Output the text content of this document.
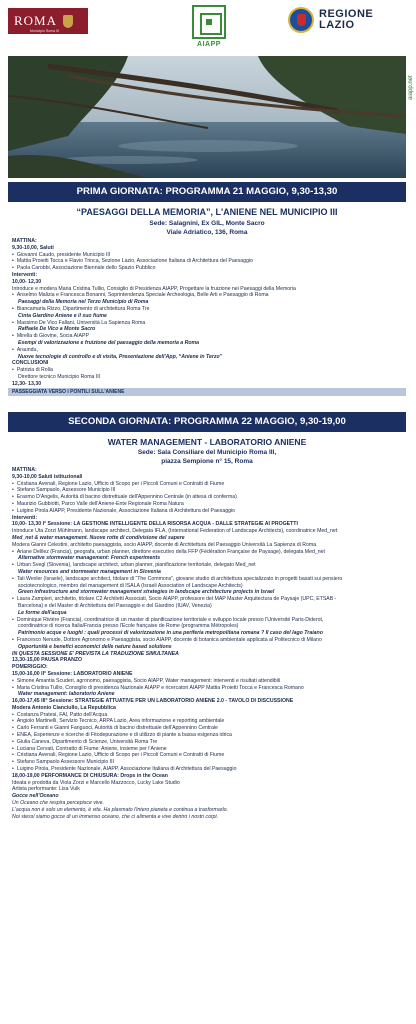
ROMA
Municipio Roma III
AIAPP
REGIONE
LAZIO
aiapp.net
PRIMA GIORNATA: PROGRAMMA 21 MAGGIO, 9,30-13,30
“PAESAGGI DELLA MEMORIA”, L'ANIENE NEL MUNICIPIO III
Sede: Salagnini, Ex GIL, Monte Sacro
Viale Adriatico, 136, Roma
MATTINA:
9,30-10,00, Saluti
• Giovanni Caudo, presidente Municipio III
• Mattia Proietti Tocca e Flavio Trinca, Sezione Lazio, Associazione Italiana di Architettura del Paesaggio
• Paola Carobbi, Associazione Biennale dello Spazio Pubblico
Interventi:
10,00- 12,30
Introduce e modera Maria Cristina Tullio, Consiglio di Presidenza AIAPP, Progettare la fruizione nei Paesaggi della Memoria
• Anselmo Malizia e Francesca Bonanni, Soprintendenza Speciale Archeologia, Belle Arti e Paesaggio di Roma
Paesaggi della Memoria nel Terzo Municipio di Roma
• Biancamaria Rizzo, Dipartimento di architettura Roma Tre
Cinta Giardino Aniene e il suo fiume
• Massimo De Vico Fallani, Università La Sapienza Roma
Raffaele De Vico a Monte Sacro
• Mirella di Giovine, Socia AIAPP
Esempi di valorizzazione e fruizione del paesaggio della memoria a Roma
• Araundu,
Nuove tecnologie di controllo e di visita, Presentazione dell'App, “Aniene in Terzo”
CONCLUSIONI
• Patrizia di Rolla
Direttore tecnico Municipio Roma III
12,30- 13,30
PASSEGGIATA VERSO I PONTILI SULL'ANIENE
SECONDA GIORNATA: PROGRAMMA 22 MAGGIO, 9,30-19,00
WATER MANAGEMENT - LABORATORIO ANIENE
Sede: Sala Consiliare del Municipio Roma III,
piazza Sempione n° 15, Roma
MATTINA:
9,30-10,00 Saluti istituzionali
• Cristiana Avenali, Regione Lazio, Ufficio di Scopo per i Piccoli Comuni e Contratti di Fiume
• Stefano Sampaolo, Assessore Municipio III
• Erasmo D'Angelis, Autorità di bacino distrettuale dell'Appennino Centrale (in attesa di conferma)
• Maurizio Gubbiotti, Parco Valle dell'Aniene-Ente Regionale Roma Natura
• Luigino Pirola AIAPP, Presidente Nazionale, Associazione Italiana di Architettura del Paesaggio
Interventi:
10,00- 13,30 I° Sessione: LA GESTIONE INTELLIGENTE DELLA RISORSA ACQUA - DALLE STRATEGIE AI PROGETTI
Introduce Uta Zorzi Mühlmann, landscape architect, Delegata IFLA, (International Federation of Landscape Architects), coordinatrice Med_net
Med_net & water management. Nuove rotte di condivisione del sapere
Modera Gianni Celestini, architetto paesaggista, socio AIAPP, docente di Architettura del Paesaggio Università La Sapienza di Roma
• Ariane Delilez (Francia), geografa, urban planner, direttore esecutivo della FFP (Fédération Française de Paysage), delegata Med_net
Alternative stormwater management: French experiments
• Urban Švegl (Slovenia), landscape architect, urban planner, pianificazione territoriale, delegato Med_net
Water resources and stormwater management in Slovenia
• Tali Wexler (Israele), landscape architect, titolare di “The Commons”, giovane studio di architettura specializzato in progetti basati sui pensiero
sociotecnologico, membro del management di ISALA (Israeli Association of Landscape Architects)
Green infrastructure and stormwater management strategies in landscape architecture projects in Israel
• Laura Zampieri, architetto, titolare C2 Architetti Associati, Socio AIAPP, professore del MAP Master Arquitectura de Paysaje (UPC, ETSAB -
Barcelona) e del Master di Architettura del Paesaggio e del Giardino (IUAV, Venezia)
Le forme dell'acqua
• Dominique Rivière (Francia), coordinatrice di un master di pianificazione territoriale e sviluppo locale presso l'Université Paris-Diderot,
coordinatrice di ricerca Italia/Francia presso l'Ecole française de Rome (programma Métropoles)
Patrimonio acque e luoghi : quali processi di valorizzazione in una periferia metropolitana romana ? Il caso del lago Traiano
• Francesco Nenude, Dottore Agronomo e Paesaggista, socio AIAPP, docente di botanica ambientale applicata al Politecnico di Milano
Opportunità e benefici economici delle nature based solutions
IN QUESTA SESSIONE E' PREVISTA LA TRADUZIONE SIMULTANEA
13,30-15,00 PAUSA PRANZO
POMERIGGIO:
15,00-16,00 II° Sessione: LABORATORIO ANIENE
• Simone Amantia Scuderi, agronomo, paesaggista, Socio AIAPP, Water management: interventi e risultati attendibili
• Maria Cristina Tullio, Consiglio di presidenza Nazionale AIAPP e ricercatori AIAPP Mattia Proietti Tocca e Francesca Romano
Water management: laboratorio Aniene
16,00-17,45 III° Sessione: STRATEGIE ATTUATIVE PER UN LABORATORIO ANIENE 2.0 - TAVOLO DI DISCUSSIONE
Modera Antonio Cianciullo, La Repubblica
• Costanza Pratesi, FAI, Patto dell'Acqua
• Angiolo Martinelli, Servizio Tecnico, ARPA Lazio, Area informazione e reporting ambientale
• Carlo Ferranti e Gianni Fanguoci, Autorità di bacino distrettuale dell'Appennino Centrale
• ENEA, Esperienze e ricerche di Fitodepurazione e di utilizzo di piante a bassa esigenza idrica
• Giulia Caneva, Dipartimento di Scienze, Università Roma Tre
• Luciana Cervati, Contratto di Fiume: Aniene, insieme per l'Aniene
• Cristiana Avenali, Regione Lazio, Ufficio di Scopo per i Piccoli Comuni e Contratti di Fiume
• Stefano Sampaolo Assessore Municipio III
• Luigino Pirola, Presidente Nazionale, AIAPP, Associazione Italiana di Architettura del Paesaggio
18,00-19,00 PERFORMANCE DI CHIUSURA: Drops in the Ocean
Ideata e prodotta da Viola Zorzi e Marcello Mazzocco, Lucky Lake Studio
Artista performante: Lisa Vuik
Gocce nell'Oceano
Un Oceano che respira percepisce vive.
L'acqua non è solo un elemento, è vita. Ha plasmato l'intero pianeta e continua a trasformarlo.
Noi stessi siamo gocce di un immenso oceano, che ci alimenta e vive dentro i nostri corpi.
